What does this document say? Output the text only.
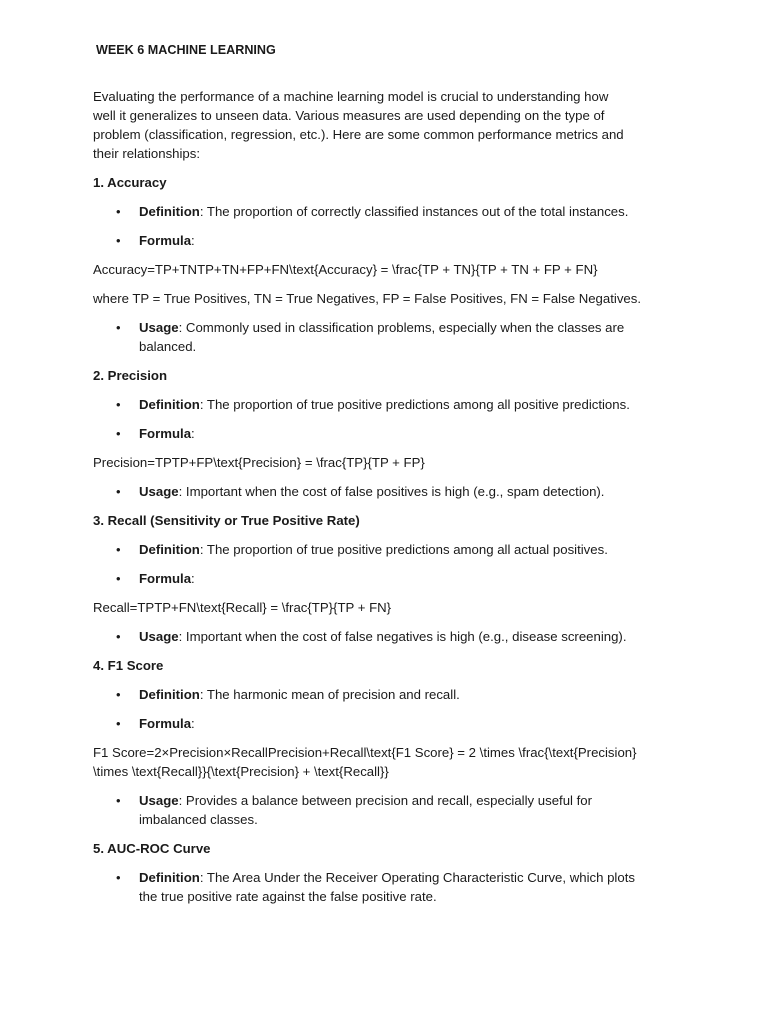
WEEK 6 MACHINE LEARNING
Evaluating the performance of a machine learning model is crucial to understanding how
well it generalizes to unseen data. Various measures are used depending on the type of
problem (classification, regression, etc.). Here are some common performance metrics and
their relationships:
1. Accuracy
• Definition: The proportion of correctly classified instances out of the total instances.
• Formula:
Accuracy=TP+TNTP+TN+FP+FN\text{Accuracy} = \frac{TP + TN}{TP + TN + FP + FN}
where TP = True Positives, TN = True Negatives, FP = False Positives, FN = False Negatives.
• Usage: Commonly used in classification problems, especially when the classes are
balanced.
2. Precision
• Definition: The proportion of true positive predictions among all positive predictions.
• Formula:
Precision=TPTP+FP\text{Precision} = \frac{TP}{TP + FP}
• Usage: Important when the cost of false positives is high (e.g., spam detection).
3. Recall (Sensitivity or True Positive Rate)
• Definition: The proportion of true positive predictions among all actual positives.
• Formula:
Recall=TPTP+FN\text{Recall} = \frac{TP}{TP + FN}
• Usage: Important when the cost of false negatives is high (e.g., disease screening).
4. F1 Score
• Definition: The harmonic mean of precision and recall.
• Formula:
F1 Score=2×Precision×RecallPrecision+Recall\text{F1 Score} = 2 \times \frac{\text{Precision}
\times \text{Recall}}{\text{Precision} + \text{Recall}}
• Usage: Provides a balance between precision and recall, especially useful for
imbalanced classes.
5. AUC-ROC Curve
• Definition: The Area Under the Receiver Operating Characteristic Curve, which plots
the true positive rate against the false positive rate.
